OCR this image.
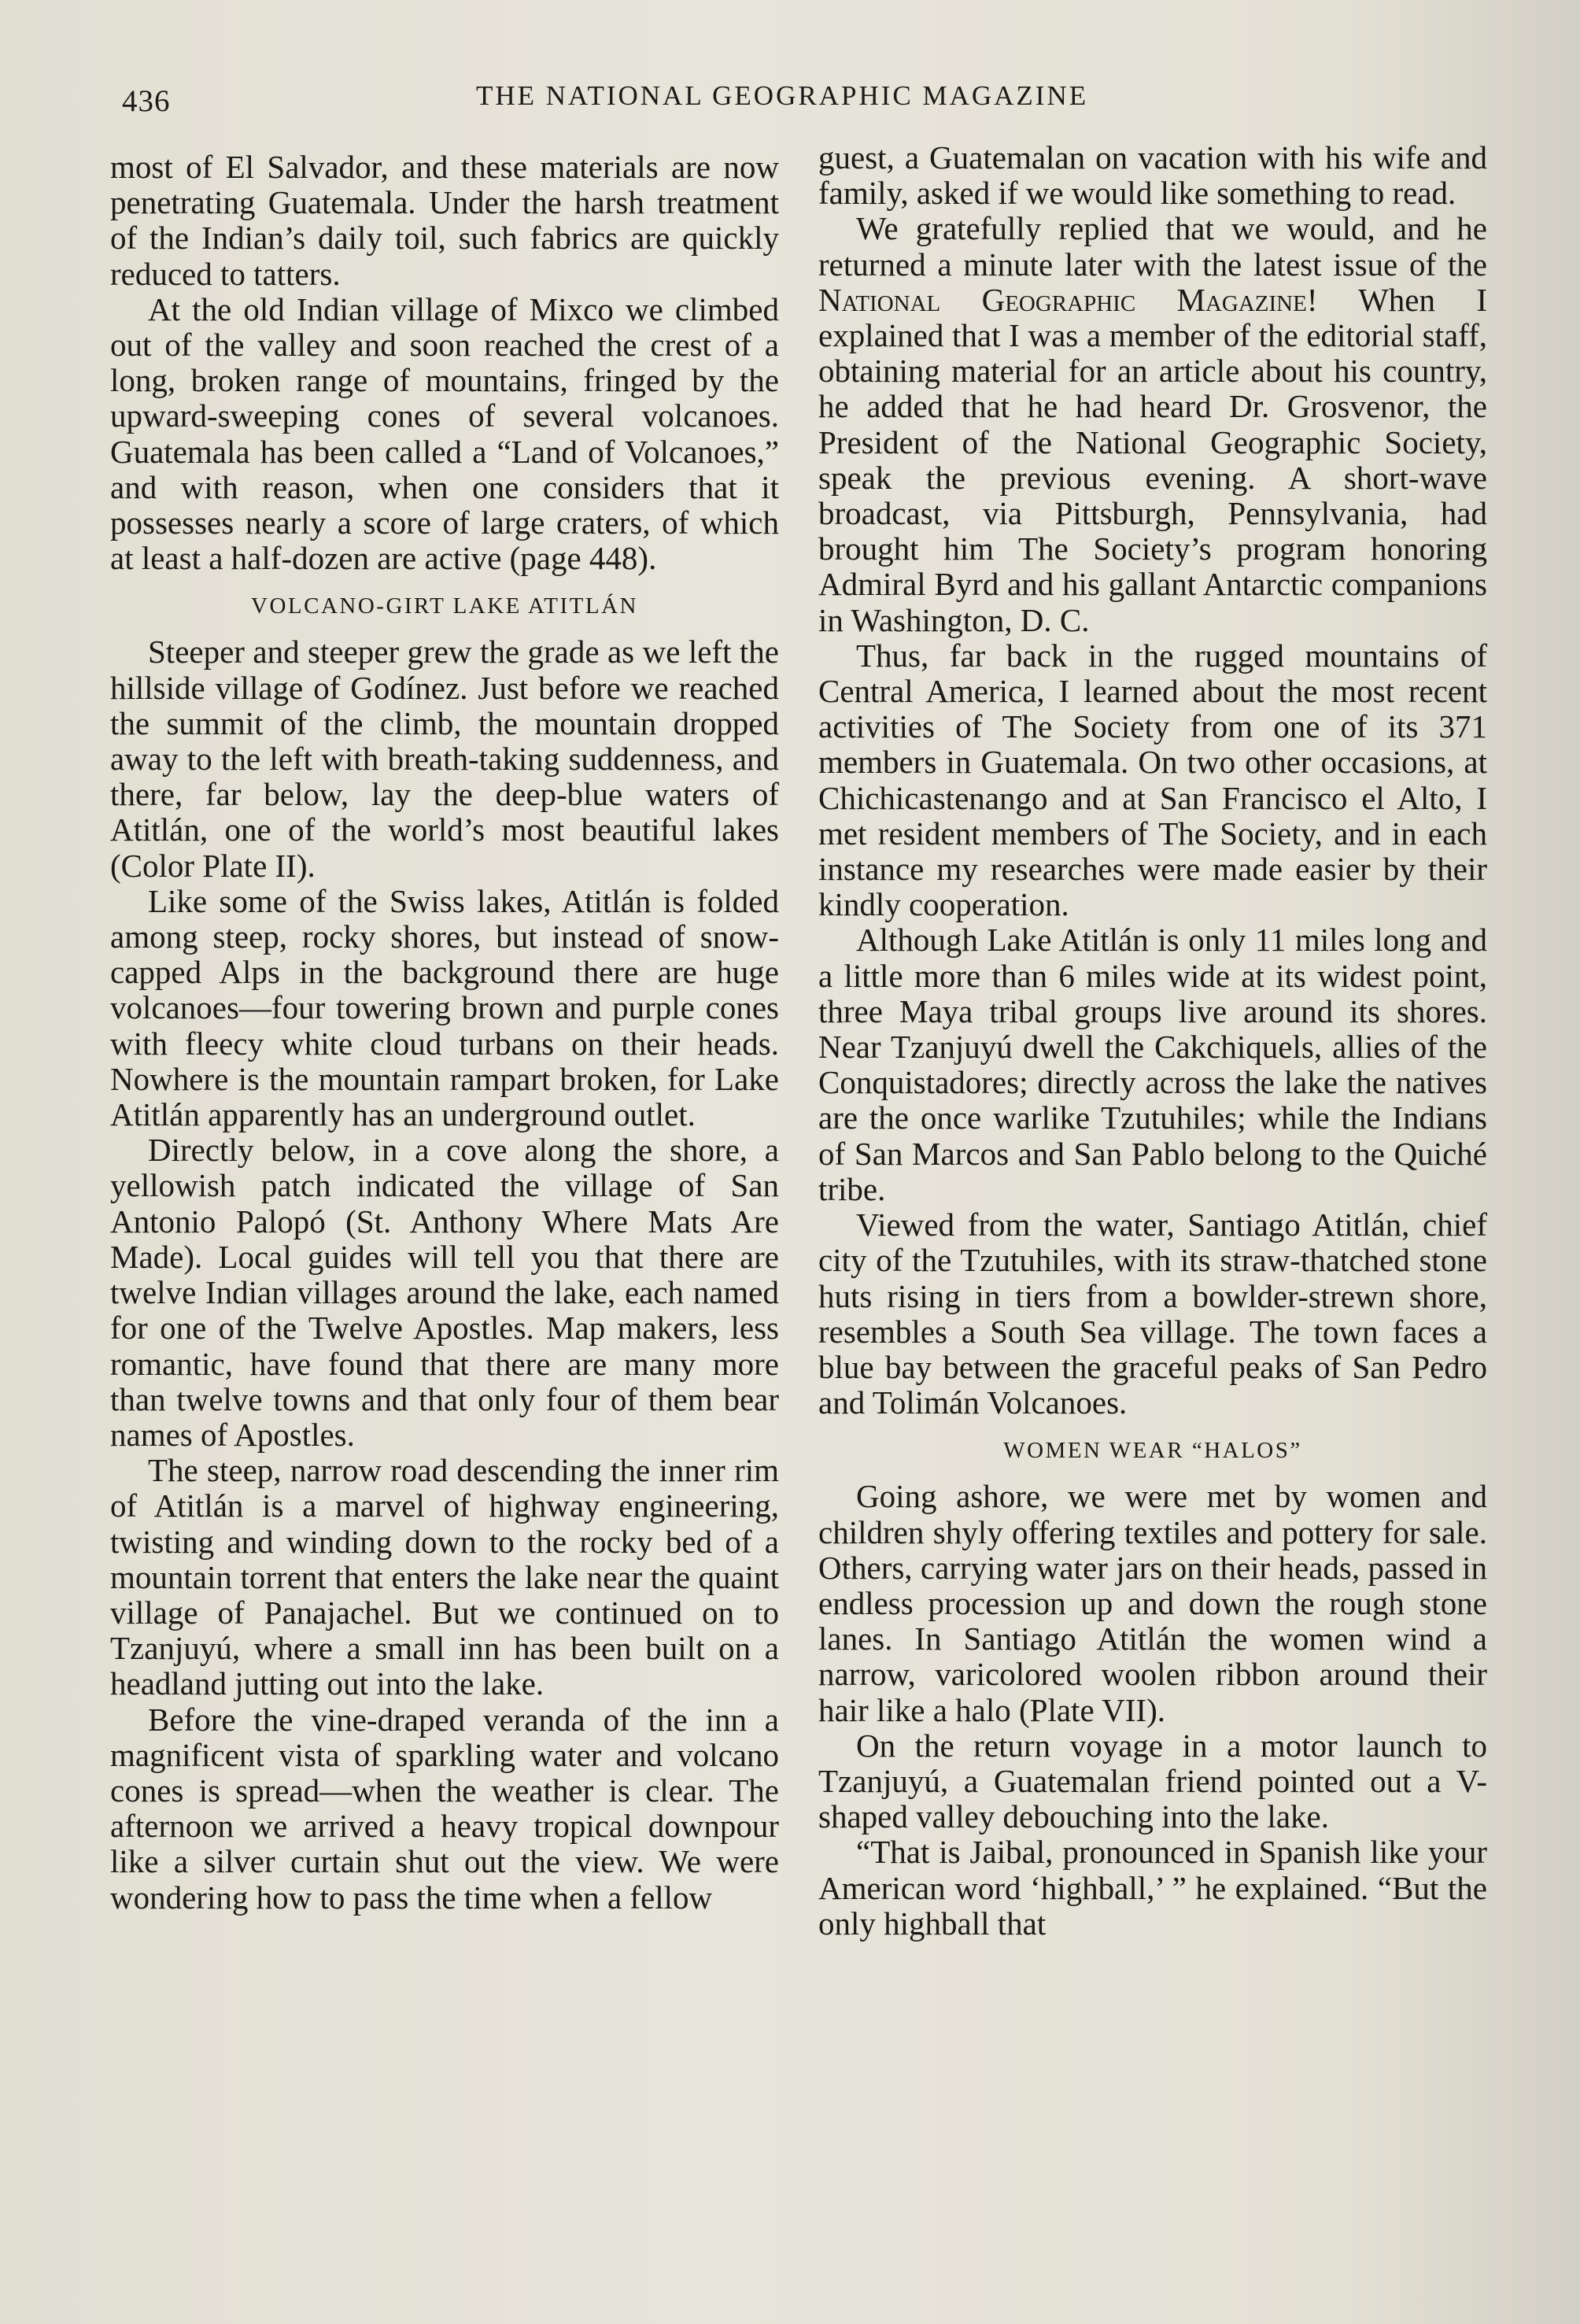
436	THE NATIONAL GEOGRAPHIC MAGAZINE

most of El Salvador, and these materials are now penetrating Guatemala. Under the harsh treatment of the Indian’s daily toil, such fabrics are quickly reduced to tatters.

At the old Indian village of Mixco we climbed out of the valley and soon reached the crest of a long, broken range of mountains, fringed by the upward-sweeping cones of several volcanoes. Guatemala has been called a “Land of Volcanoes,” and with reason, when one considers that it possesses nearly a score of large craters, of which at least a half-dozen are active (page 448).

VOLCANO-GIRT LAKE ATITLÁN

Steeper and steeper grew the grade as we left the hillside village of Godínez. Just before we reached the summit of the climb, the mountain dropped away to the left with breath-taking suddenness, and there, far below, lay the deep-blue waters of Atitlán, one of the world’s most beautiful lakes (Color Plate II).

Like some of the Swiss lakes, Atitlán is folded among steep, rocky shores, but instead of snow-capped Alps in the background there are huge volcanoes—four towering brown and purple cones with fleecy white cloud turbans on their heads. Nowhere is the mountain rampart broken, for Lake Atitlán apparently has an underground outlet.

Directly below, in a cove along the shore, a yellowish patch indicated the village of San Antonio Palopó (St. Anthony Where Mats Are Made). Local guides will tell you that there are twelve Indian villages around the lake, each named for one of the Twelve Apostles. Map makers, less romantic, have found that there are many more than twelve towns and that only four of them bear names of Apostles.

The steep, narrow road descending the inner rim of Atitlán is a marvel of highway engineering, twisting and winding down to the rocky bed of a mountain torrent that enters the lake near the quaint village of Panajachel. But we continued on to Tzanjuyú, where a small inn has been built on a headland jutting out into the lake.

Before the vine-draped veranda of the inn a magnificent vista of sparkling water and volcano cones is spread—when the weather is clear. The afternoon we arrived a heavy tropical downpour like a silver curtain shut out the view. We were wondering how to pass the time when a fellow

guest, a Guatemalan on vacation with his wife and family, asked if we would like something to read.

We gratefully replied that we would, and he returned a minute later with the latest issue of the National Geographic Magazine! When I explained that I was a member of the editorial staff, obtaining material for an article about his country, he added that he had heard Dr. Grosvenor, the President of the National Geographic Society, speak the previous evening. A short-wave broadcast, via Pittsburgh, Pennsylvania, had brought him The Society’s program honoring Admiral Byrd and his gallant Antarctic companions in Washington, D. C.

Thus, far back in the rugged mountains of Central America, I learned about the most recent activities of The Society from one of its 371 members in Guatemala. On two other occasions, at Chichicastenango and at San Francisco el Alto, I met resident members of The Society, and in each instance my researches were made easier by their kindly cooperation.

Although Lake Atitlán is only 11 miles long and a little more than 6 miles wide at its widest point, three Maya tribal groups live around its shores. Near Tzanjuyú dwell the Cakchiquels, allies of the Conquistadores; directly across the lake the natives are the once warlike Tzutuhiles; while the Indians of San Marcos and San Pablo belong to the Quiché tribe.

Viewed from the water, Santiago Atitlán, chief city of the Tzutuhiles, with its straw-thatched stone huts rising in tiers from a bowlder-strewn shore, resembles a South Sea village. The town faces a blue bay between the graceful peaks of San Pedro and Tolimán Volcanoes.

WOMEN WEAR “HALOS”

Going ashore, we were met by women and children shyly offering textiles and pottery for sale. Others, carrying water jars on their heads, passed in endless procession up and down the rough stone lanes. In Santiago Atitlán the women wind a narrow, varicolored woolen ribbon around their hair like a halo (Plate VII).

On the return voyage in a motor launch to Tzanjuyú, a Guatemalan friend pointed out a V-shaped valley debouching into the lake.

“That is Jaibal, pronounced in Spanish like your American word ‘highball,’ ” he explained. “But the only highball that
